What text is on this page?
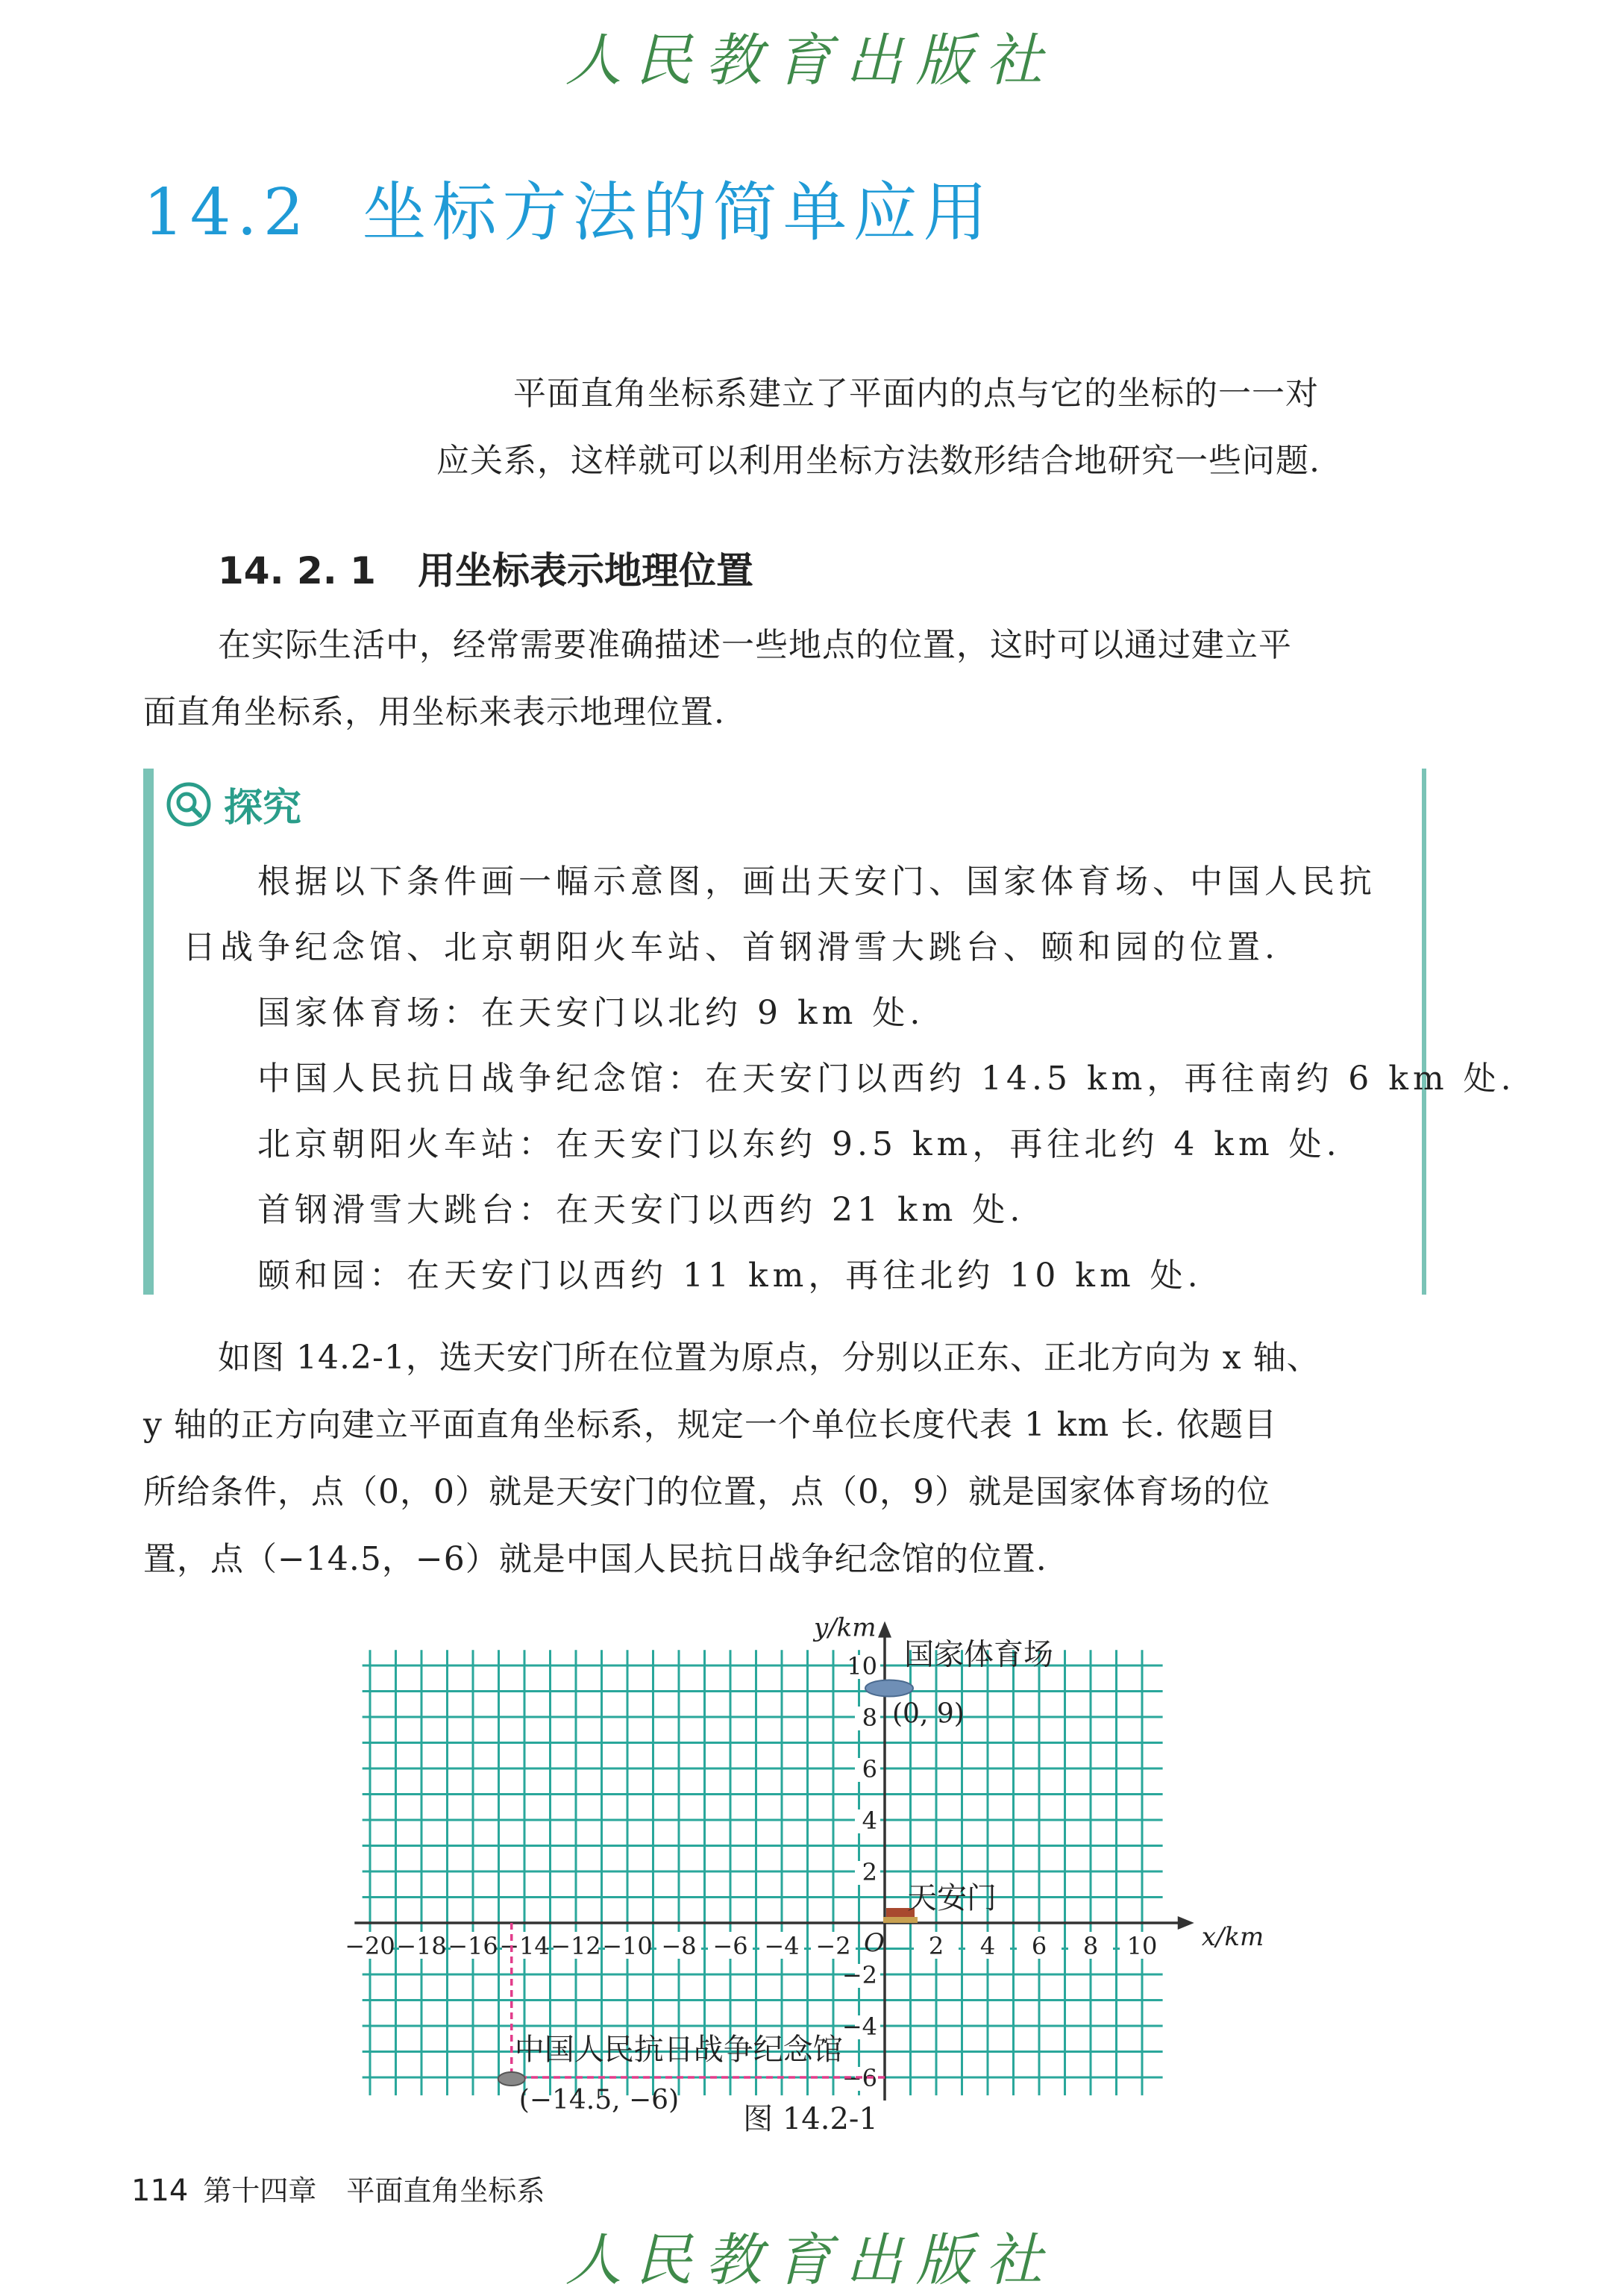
人民教育出版社
14.2 坐标方法的简单应用
平面直角坐标系建立了平面内的点与它的坐标的一一对
应关系，这样就可以利用坐标方法数形结合地研究一些问题.
14. 2. 1 用坐标表示地理位置
在实际生活中，经常需要准确描述一些地点的位置，这时可以通过建立平
面直角坐标系，用坐标来表示地理位置.
探究
根据以下条件画一幅示意图，画出天安门、国家体育场、中国人民抗
日战争纪念馆、北京朝阳火车站、首钢滑雪大跳台、颐和园的位置.
国家体育场：在天安门以北约 9 km 处.
中国人民抗日战争纪念馆：在天安门以西约 14.5 km，再往南约 6 km 处.
北京朝阳火车站：在天安门以东约 9.5 km，再往北约 4 km 处.
首钢滑雪大跳台：在天安门以西约 21 km 处.
颐和园：在天安门以西约 11 km，再往北约 10 km 处.
如图 14.2-1，选天安门所在位置为原点，分别以正东、正北方向为 x 轴、
y 轴的正方向建立平面直角坐标系，规定一个单位长度代表 1 km 长. 依题目
所给条件，点（0，0）就是天安门的位置，点（0，9）就是国家体育场的位
置，点（−14.5，−6）就是中国人民抗日战争纪念馆的位置.
x/km
y/km
O
−20 −18 −16 −14 −12 −10 −8 −6 −4 −2	2 4 6 8 10
10
8
6
4
2
−2
−4
−6
国家体育场
(0, 9)
天安门
中国人民抗日战争纪念馆
(−14.5, −6)
图 14.2-1
114 第十四章 平面直角坐标系
人民教育出版社
